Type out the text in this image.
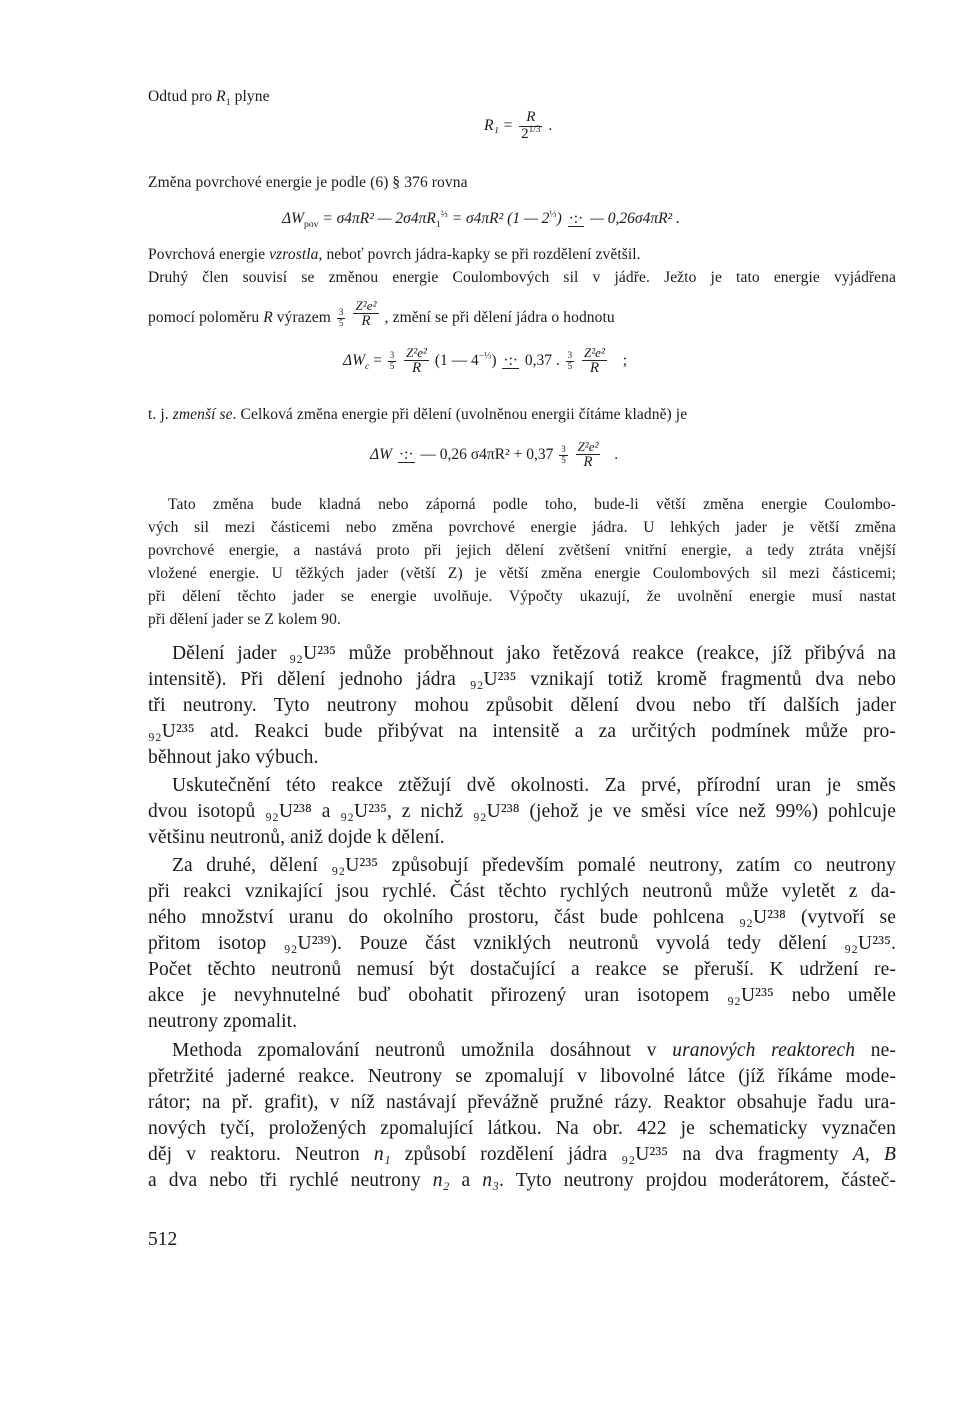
Odtud pro $R_1$ plyne

$R_1 = \frac{R}{2^{1/3}}$ .

Změna povrchové energie je podle (6) § 376 rovna

$\Delta W_{pov} = \sigma 4\pi R^2$ — $2\sigma 4\pi R_1^{\frac{2}{3}} = \sigma 4\pi R^2$ (1 — $2^{\frac{1}{3}}$) ·:· — 0,26σ4πR² .

Povrchová energie vzrostla, neboť povrch jádra-kapky se při rozdělení zvětšil.

Druhý člen souvisí se změnou energie Coulombových sil v jádře. Ježto je tato energie vyjádřena

pomocí poloměru R výrazem $\frac{3}{5}$
$\frac{\text{Z²e²}}{R}$ , změní se při dělení jádra o hodnotu

$\Delta W_c = \frac{3}{5}$
$\frac{\text{Z²e²}}{R} (1$ — $4^{-\frac{1}{3}}$) ·:· 0,37 . $\frac{3}{5}$
$\frac{\text{Z²e²}}{R}$ ;

t. j. zmenší se. Celková změna energie při dělení (uvolněnou energii čítáme kladně) je

ΔW ·:· — 0,26 $\sigma 4\pi R^2 + 0,37 \frac{3}{5}$
$\frac{\text{Z²e²}}{R}$ .

Tato změna bude kladná nebo záporná podle toho, bude-li větší změna energie Coulombo-

vých sil mezi částicemi nebo změna povrchové energie jádra. U lehkých jader je větší změna

povrchové energie, a nastává proto při jejich dělení zvětšení vnitřní energie, a tedy ztráta vnější

vložené energie. U těžkých jader (větší Z) je větší změna energie Coulombových sil mezi částicemi;

při dělení těchto jader se energie uvolňuje. Výpočty ukazují, že uvolnění energie musí nastat

při dělení jader se Z kolem 90.

Dělení jader ₉₂U²³⁵ může proběhnout jako řetězová reakce (reakce, jíž přibývá na

intensitě). Při dělení jednoho jádra ₉₂U²³⁵ vznikají totiž kromě fragmentů dva nebo

tři neutrony. Tyto neutrony mohou způsobit dělení dvou nebo tří dalších jader

₉₂U²³⁵ atd. Reakci bude přibývat na intensitě a za určitých podmínek může pro-

běhnout jako výbuch.

Uskutečnění této reakce ztěžují dvě okolnosti. Za prvé, přírodní uran je směs

dvou isotopů ₉₂U²³⁸ a ₉₂U²³⁵, z nichž ₉₂U²³⁸ (jehož je ve směsi více než 99%) pohlcuje

většinu neutronů, aniž dojde k dělení.

Za druhé, dělení ₉₂U²³⁵ způsobují především pomalé neutrony, zatím co neutrony

při reakci vznikající jsou rychlé. Část těchto rychlých neutronů může vyletět z da-

ného množství uranu do okolního prostoru, část bude pohlcena ₉₂U²³⁸ (vytvoří se

přitom isotop ₉₂U²³⁹). Pouze část vzniklých neutronů vyvolá tedy dělení ₉₂U²³⁵.

Počet těchto neutronů nemusí být dostačující a reakce se přeruší. K udržení re-

akce je nevyhnutelné buď obohatit přirozený uran isotopem ₉₂U²³⁵ nebo uměle

neutrony zpomalit.

Methoda zpomalování neutronů umožnila dosáhnout v uranových reaktorech ne-

přetržité jaderné reakce. Neutrony se zpomalují v libovolné látce (jíž říkáme mode-

rátor; na př. grafit), v níž nastávají převážně pružné rázy. Reaktor obsahuje řadu ura-

nových tyčí, proložených zpomalující látkou. Na obr. 422 je schematicky vyznačen

děj v reaktoru. Neutron n₁ způsobí rozdělení jádra ₉₂U²³⁵ na dva fragmenty A, B

a dva nebo tři rychlé neutrony n₂ a n₃. Tyto neutrony projdou moderátorem, částeč-

512
